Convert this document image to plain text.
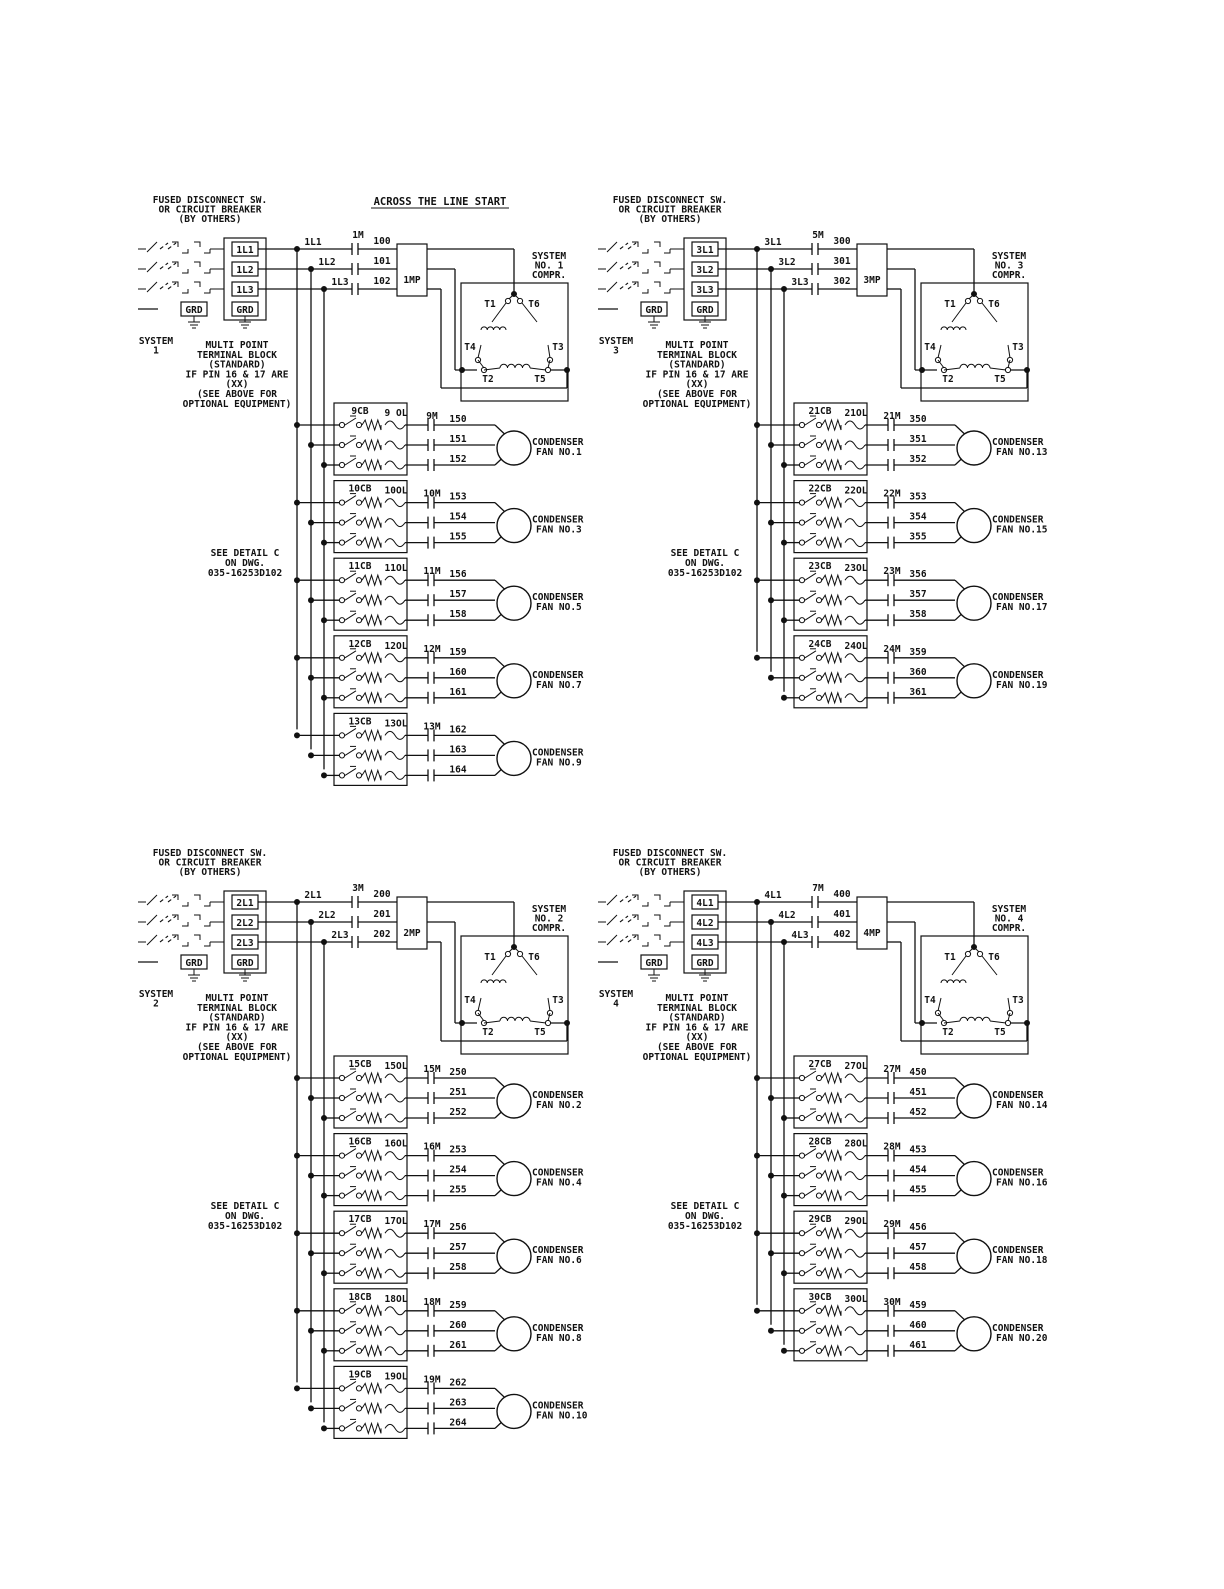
ACROSS THE LINE START
FUSED DISCONNECT SW.
OR CIRCUIT BREAKER
(BY OTHERS)
1L1
1L2
1L3
GRD	GRD
SYSTEM
1	MULTI POINT
TERMINAL BLOCK
(STANDARD)
IF PIN 16 & 17 ARE
(XX)
(SEE ABOVE FOR
OPTIONAL EQUIPMENT)
SEE DETAIL C
ON DWG.
035-16253D102
1L1	100
1L2	101
1L3	102
1M
1MP
SYSTEM
NO. 1
COMPR.
T1	T6
T4	T3
T2	T5
9CB 9 OL 9M 150
151
152
CONDENSER
FAN NO.1
10CB 10OL 10M 153
154
155
CONDENSER
FAN NO.3
11CB 11OL 11M 156
157
158
CONDENSER
FAN NO.5
12CB 12OL 12M 159
160
161
CONDENSER
FAN NO.7
13CB 13OL 13M 162
163
164
CONDENSER
FAN NO.9
FUSED DISCONNECT SW.
OR CIRCUIT BREAKER
(BY OTHERS)
3L1
3L2
3L3
GRD	GRD
SYSTEM
3	MULTI POINT
TERMINAL BLOCK
(STANDARD)
IF PIN 16 & 17 ARE
(XX)
(SEE ABOVE FOR
OPTIONAL EQUIPMENT)
SEE DETAIL C
ON DWG.
035-16253D102
3L1	300
3L2	301
3L3	302
5M
3MP
SYSTEM
NO. 3
COMPR.
T1	T6
T4	T3
T2	T5
21CB 21OL 21M 350
351
352
CONDENSER
FAN NO.13
22CB 22OL 22M 353
354
355
CONDENSER
FAN NO.15
23CB 23OL 23M 356
357
358
CONDENSER
FAN NO.17
24CB 24OL 24M 359
360
361
CONDENSER
FAN NO.19
FUSED DISCONNECT SW.
OR CIRCUIT BREAKER
(BY OTHERS)
2L1
2L2
2L3
GRD	GRD
SYSTEM
2	MULTI POINT
TERMINAL BLOCK
(STANDARD)
IF PIN 16 & 17 ARE
(XX)
(SEE ABOVE FOR
OPTIONAL EQUIPMENT)
SEE DETAIL C
ON DWG.
035-16253D102
2L1	200
2L2	201
2L3	202
3M
2MP
SYSTEM
NO. 2
COMPR.
T1	T6
T4	T3
T2	T5
15CB 15OL 15M 250
251
252
CONDENSER
FAN NO.2
16CB 16OL 16M 253
254
255
CONDENSER
FAN NO.4
17CB 17OL 17M 256
257
258
CONDENSER
FAN NO.6
18CB 18OL 18M 259
260
261
CONDENSER
FAN NO.8
19CB 19OL 19M 262
263
264
CONDENSER
FAN NO.10
FUSED DISCONNECT SW.
OR CIRCUIT BREAKER
(BY OTHERS)
4L1
4L2
4L3
GRD	GRD
SYSTEM
4	MULTI POINT
TERMINAL BLOCK
(STANDARD)
IF PIN 16 & 17 ARE
(XX)
(SEE ABOVE FOR
OPTIONAL EQUIPMENT)
SEE DETAIL C
ON DWG.
035-16253D102
4L1	400
4L2	401
4L3	402
7M
4MP
SYSTEM
NO. 4
COMPR.
T1	T6
T4	T3
T2	T5
27CB 27OL 27M 450
451
452
CONDENSER
FAN NO.14
28CB 28OL 28M 453
454
455
CONDENSER
FAN NO.16
29CB 29OL 29M 456
457
458
CONDENSER
FAN NO.18
30CB 30OL 30M 459
460
461
CONDENSER
FAN NO.20
